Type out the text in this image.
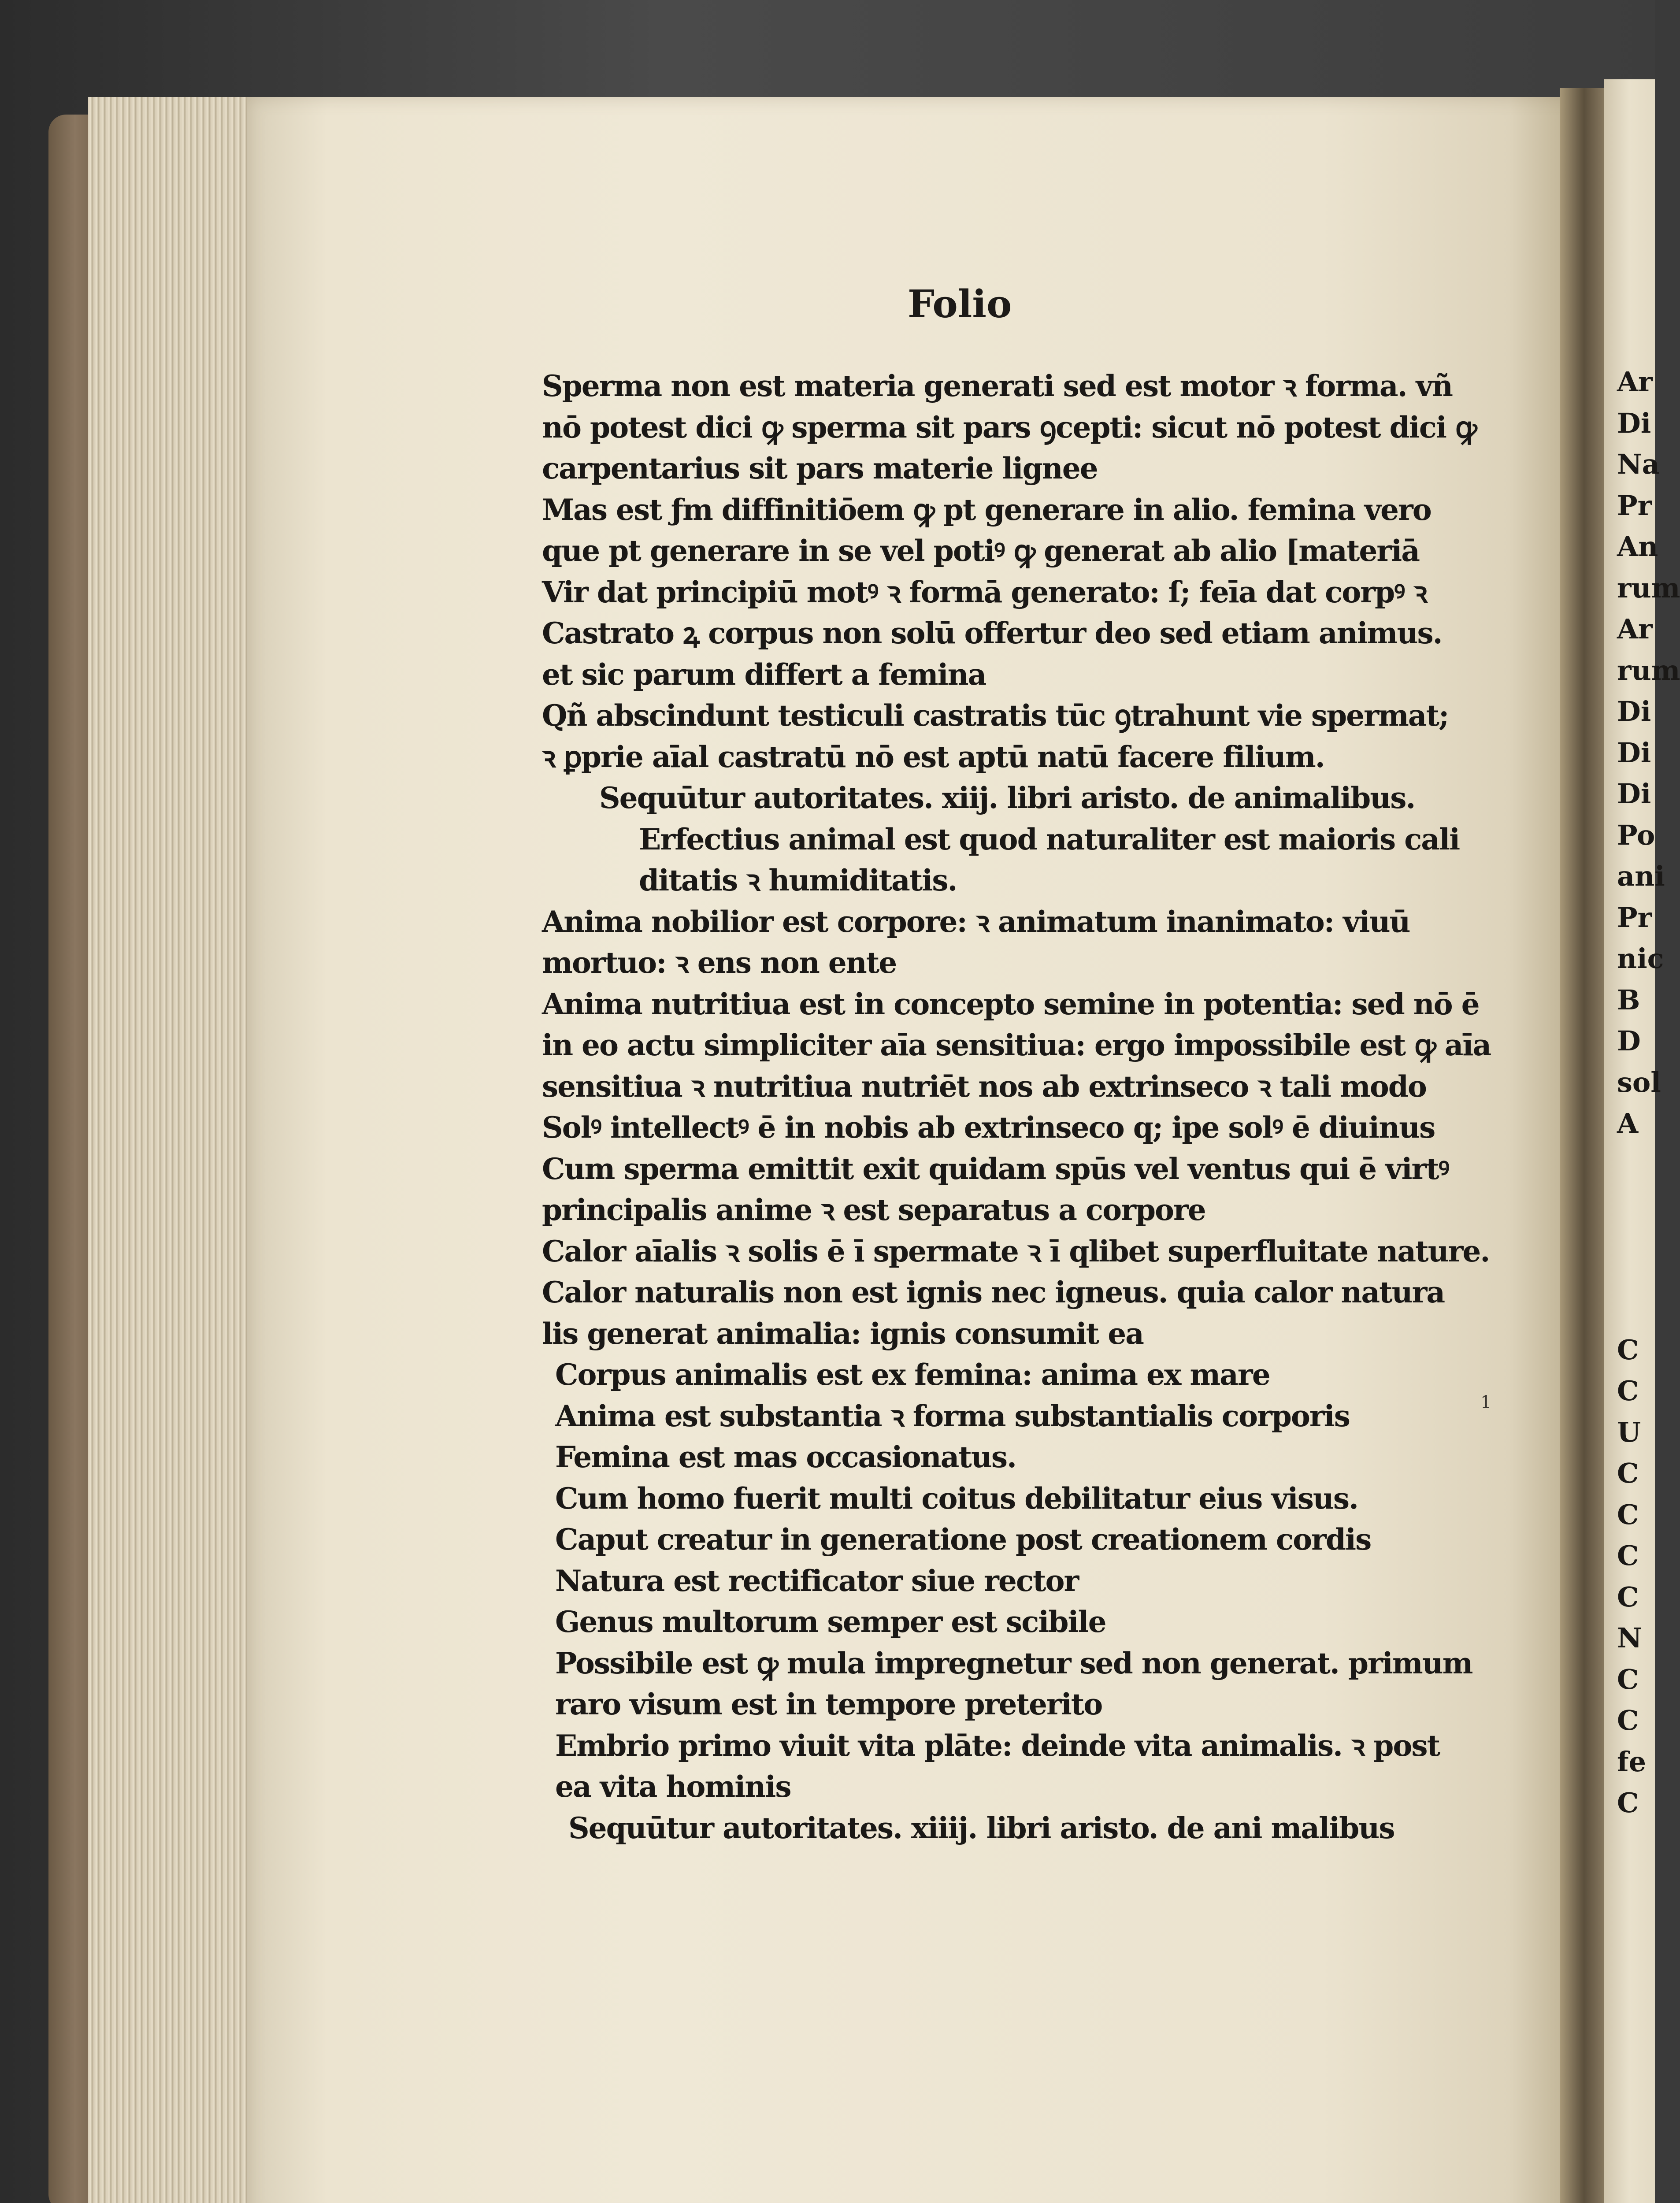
Folio
Sperma non est materia generati sed est motor ꝛ forma. vñ
nō potest dici ꝙ sperma sit pars ꝯcepti: sicut nō potest dici ꝙ
carpentarius sit pars materie lignee
Mas est ƒm diffinitiōem ꝙ pt generare in alio. femina vero
que pt generare in se vel potiꝰ ꝙ generat ab alio [materiā
Vir dat principiū motꝰ ꝛ formā generato: ſ; feīa dat corpꝰ ꝛ
Castrato ꝝ corpus non solū offertur deo sed etiam animus.
et sic parum differt a femina
Qñ abscindunt testiculi castratis tūc ꝯtrahunt vie spermat;
ꝛ ꝑprie aīal castratū nō est aptū natū facere filium.
Sequūtur autoritates. xiij. libri aristo. de animalibus.
Erfectius animal est quod naturaliter est maioris cali
ditatis ꝛ humiditatis.
Anima nobilior est corpore: ꝛ animatum inanimato: viuū
mortuo: ꝛ ens non ente
Anima nutritiua est in concepto semine in potentia: sed nō ē
in eo actu simpliciter aīa sensitiua: ergo impossibile est ꝙ aīa
sensitiua ꝛ nutritiua nutriēt nos ab extrinseco ꝛ tali modo
Solꝰ intellectꝰ ē in nobis ab extrinseco q; ipe solꝰ ē diuinus
Cum sperma emittit exit quidam spūs vel ventus qui ē virtꝰ
principalis anime ꝛ est separatus a corpore
Calor aīalis ꝛ solis ē ī spermate ꝛ ī qlibet superfluitate nature.
Calor naturalis non est ignis nec igneus. quia calor natura
lis generat animalia: ignis consumit ea
Corpus animalis est ex femina: anima ex mare
Anima est substantia ꝛ forma substantialis corporis
Femina est mas occasionatus.
Cum homo fuerit multi coitus debilitatur eius visus.
Caput creatur in generatione post creationem cordis
Natura est rectificator siue rector
Genus multorum semper est scibile
Possibile est ꝙ mula impregnetur sed non generat. primum
raro visum est in tempore preterito
Embrio primo viuit vita plāte: deinde vita animalis. ꝛ post
ea vita hominis
Sequūtur autoritates. xiiij. libri aristo. de ani malibus
1
Ar
Di
Na
Pr
An
rum
Ar
rum
Di
Di
Di
Po
ani
Pr
nic
B
D
sol
A
C
C
U
C
C
C
C
N
C
C
fe
C
